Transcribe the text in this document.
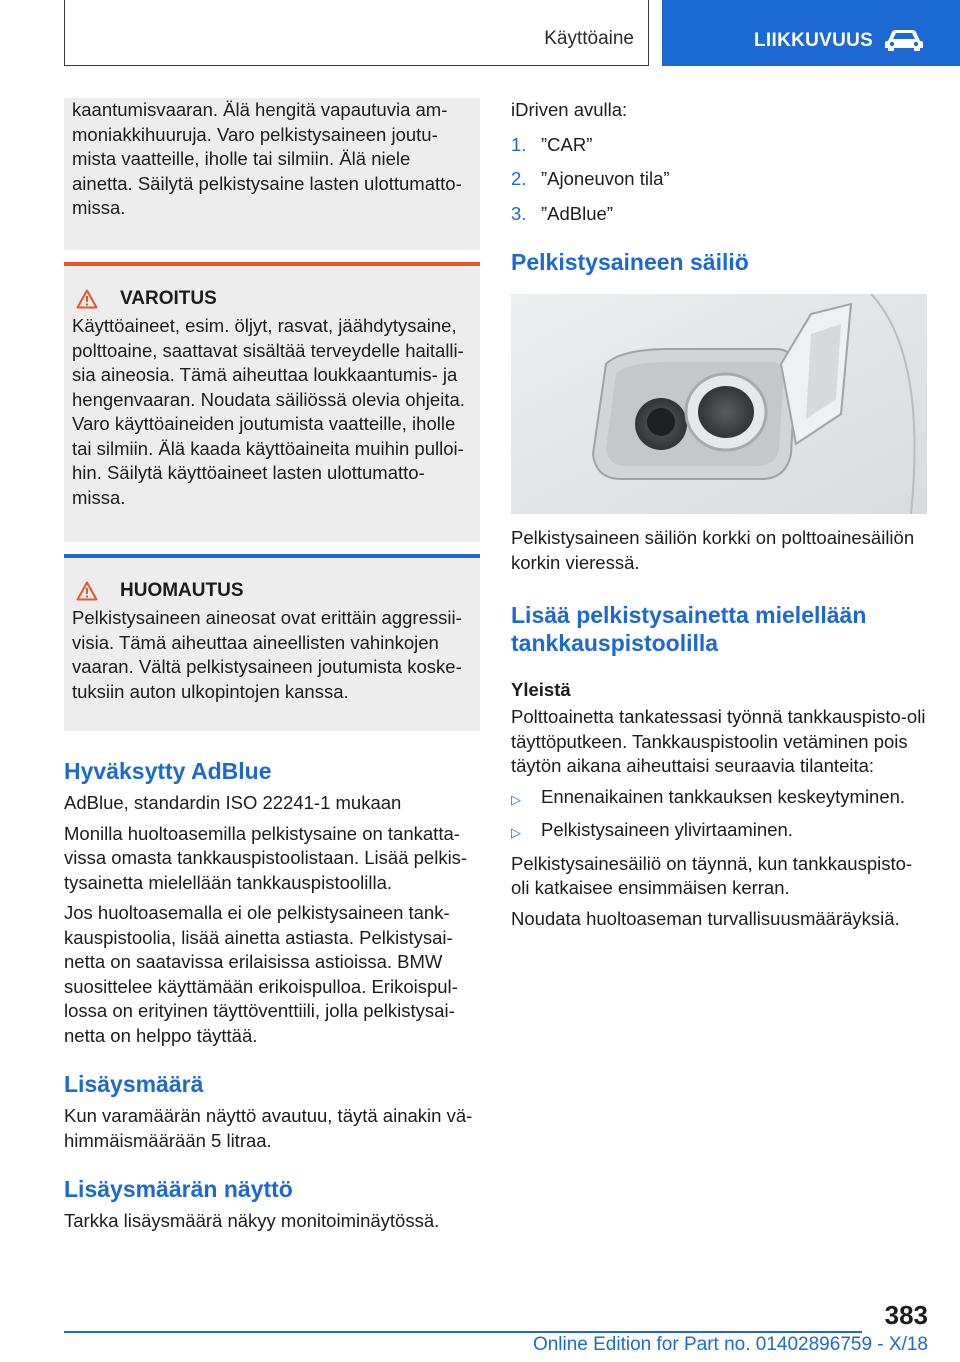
Käyttöaine	LIIKKUVUUS

kaantumisvaaran. Älä hengitä vapautuvia am-moniakkihuuruja. Varo pelkistysaineen joutu-mista vaatteille, iholle tai silmiin. Älä niele ainetta. Säilytä pelkistysaine lasten ulottumatto-missa.

VAROITUS

Käyttöaineet, esim. öljyt, rasvat, jäähdytysaine, polttoaine, saattavat sisältää terveydelle haitalli-sia aineosia. Tämä aiheuttaa loukkaantumis- ja hengenvaaran. Noudata säiliössä olevia ohjeita. Varo käyttöaineiden joutumista vaatteille, iholle tai silmiin. Älä kaada käyttöaineita muihin pulloi-hin. Säilytä käyttöaineet lasten ulottumatto-missa.

HUOMAUTUS

Pelkistysaineen aineosat ovat erittäin aggressii-visia. Tämä aiheuttaa aineellisten vahinkojen vaaran. Vältä pelkistysaineen joutumista koske-tuksiin auton ulkopintojen kanssa.

Hyväksytty AdBlue

AdBlue, standardin ISO 22241-1 mukaan

Monilla huoltoasemilla pelkistysaine on tankatta-vissa omasta tankkauspistoolistaan. Lisää pelkis-tysainetta mielellään tankkauspistoolilla.

Jos huoltoasemalla ei ole pelkistysaineen tank-kauspistoolia, lisää ainetta astiasta. Pelkistysai-netta on saatavissa erilaisissa astioissa. BMW suosittelee käyttämään erikoispulloa. Erikoispul-lossa on erityinen täyttöventtiili, jolla pelkistysai-netta on helppo täyttää.

Lisäysmäärä

Kun varamäärän näyttö avautuu, täytä ainakin vä-himmäismäärään 5 litraa.

Lisäysmäärän näyttö

Tarkka lisäysmäärä näkyy monitoiminäytössä.

iDriven avulla:

1. ”CAR”
2. ”Ajoneuvon tila”
3. ”AdBlue”
Pelkistysaineen säiliö

Pelkistysaineen säiliön korkki on polttoainesäiliön korkin vieressä.

Lisää pelkistysainetta mielellään tankkauspistoolilla
Yleistä

Polttoainetta tankatessasi työnnä tankkauspisto-oli täyttöputkeen. Tankkauspistoolin vetäminen pois täytön aikana aiheuttaisi seuraavia tilanteita:

▷	Ennenaikainen tankkauksen keskeytyminen.
▷	Pelkistysaineen ylivirtaaminen.

Pelkistysainesäiliö on täynnä, kun tankkauspisto-oli katkaisee ensimmäisen kerran.

Noudata huoltoaseman turvallisuusmääräyksiä.

383
Online Edition for Part no. 01402896759 - X/18
